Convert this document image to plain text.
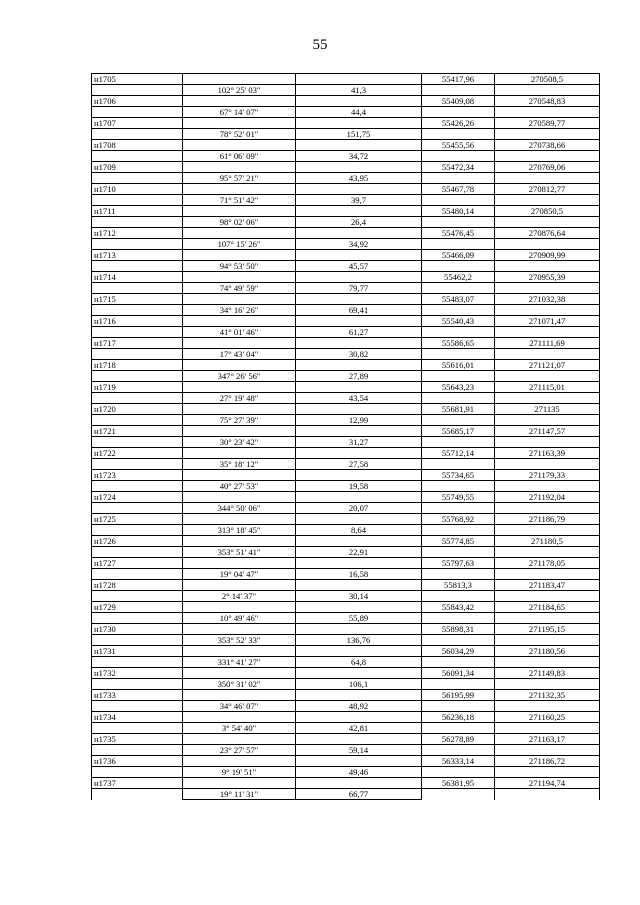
55
н1705			55417,96	270508,5
	102° 25' 03"	41,3		
н1706			55409,08	270548,83
	67° 14' 07"	44,4		
н1707			55426,26	270589,77
	78° 52' 01"	151,75		
н1708			55455,56	270738,66
	61° 06' 09"	34,72		
н1709			55472,34	270769,06
	95° 57' 21"	43,95		
н1710			55467,78	270812,77
	71° 51' 42"	39,7		
н1711			55480,14	270850,5
	98° 02' 06"	26,4		
н1712			55476,45	270876,64
	107° 15' 26"	34,92		
н1713			55466,09	270909,99
	94° 53' 50"	45,57		
н1714			55462,2	270955,39
	74° 49' 59"	79,77		
н1715			55483,07	271032,38
	34° 16' 26"	69,41		
н1716			55540,43	271071,47
	41° 01' 46"	61,27		
н1717			55586,65	271111,69
	17° 43' 04"	30,82		
н1718			55616,01	271121,07
	347° 26' 56"	27,89		
н1719			55643,23	271115,01
	27° 19' 48"	43,54		
н1720			55681,91	271135
	75° 27' 39"	12,99		
н1721			55685,17	271147,57
	30° 23' 42"	31,27		
н1722			55712,14	271163,39
	35° 18' 12"	27,58		
н1723			55734,65	271179,33
	40° 27' 53"	19,58		
н1724			55749,55	271192,04
	344° 50' 06"	20,07		
н1725			55768,92	271186,79
	313° 18' 45"	8,64		
н1726			55774,85	271180,5
	353° 51' 41"	22,91		
н1727			55797,63	271178,05
	19° 04' 47"	16,58		
н1728			55813,3	271183,47
	2° 14' 37"	30,14		
н1729			55843,42	271184,65
	10° 49' 46"	55,89		
н1730			55898,31	271195,15
	353° 52' 33"	136,76		
н1731			56034,29	271180,56
	331° 41' 27"	64,8		
н1732			56091,34	271149,83
	350° 31' 02"	106,1		
н1733			56195,99	271132,35
	34° 46' 07"	48,92		
н1734			56236,18	271160,25
	3° 54' 40"	42,81		
н1735			56278,89	271163,17
	23° 27' 57"	59,14		
н1736			56333,14	271186,72
	9° 19' 51"	49,46		
н1737			56381,95	271194,74
	19° 11' 31"	66,77		
